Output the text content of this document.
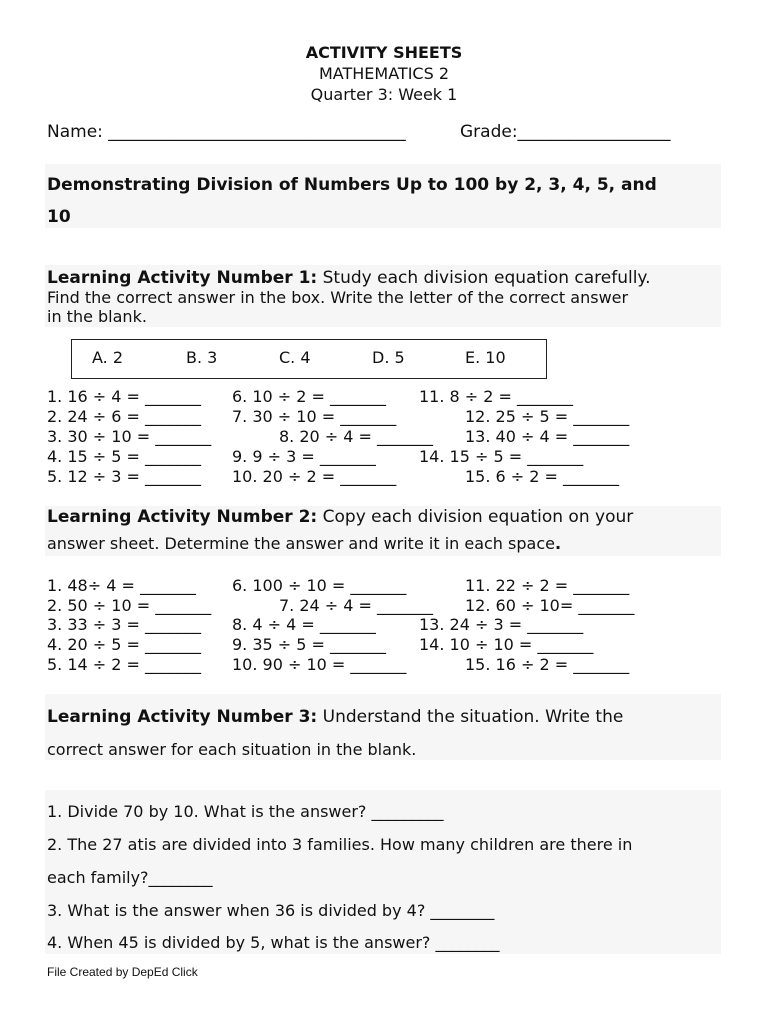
ACTIVITY SHEETS
MATHEMATICS 2
Quarter 3: Week 1
Name: ___________________________________	Grade:__________________
Demonstrating Division of Numbers Up to 100 by 2, 3, 4, 5, and
10
Learning Activity Number 1: Study each division equation carefully.
Find the correct answer in the box. Write the letter of the correct answer
in the blank.
A. 2	B. 3	C. 4	D. 5	E. 10
1. 16 ÷ 4 = _______ 6. 10 ÷ 2 = _______ 11. 8 ÷ 2 = _______
2. 24 ÷ 6 = _______ 7. 30 ÷ 10 = _______	12. 25 ÷ 5 = _______
3. 30 ÷ 10 = _______	8. 20 ÷ 4 = _______ 13. 40 ÷ 4 = _______
4. 15 ÷ 5 = _______ 9. 9 ÷ 3 = _______	14. 15 ÷ 5 = _______
5. 12 ÷ 3 = _______ 10. 20 ÷ 2 = _______	15. 6 ÷ 2 = _______
Learning Activity Number 2: Copy each division equation on your
answer sheet. Determine the answer and write it in each space.
1. 48÷ 4 = _______ 6. 100 ÷ 10 = _______	11. 22 ÷ 2 = _______
2. 50 ÷ 10 = _______	7. 24 ÷ 4 = _______ 12. 60 ÷ 10= _______
3. 33 ÷ 3 = _______ 8. 4 ÷ 4 = _______	13. 24 ÷ 3 = _______
4. 20 ÷ 5 = _______ 9. 35 ÷ 5 = _______ 14. 10 ÷ 10 = _______
5. 14 ÷ 2 = _______ 10. 90 ÷ 10 = _______	15. 16 ÷ 2 = _______
Learning Activity Number 3: Understand the situation. Write the
correct answer for each situation in the blank.
1. Divide 70 by 10. What is the answer? _________
2. The 27 atis are divided into 3 families. How many children are there in
each family?________
3. What is the answer when 36 is divided by 4? ________
4. When 45 is divided by 5, what is the answer? ________
File Created by DepEd Click
